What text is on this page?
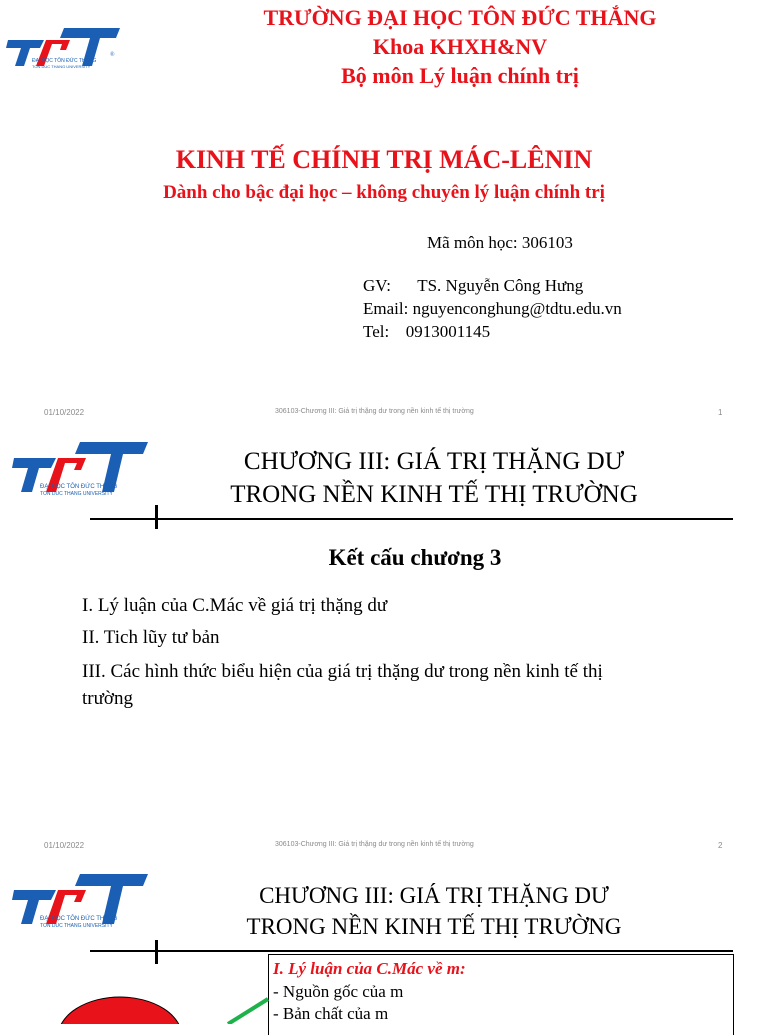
ĐẠI HỌC TÔN ĐỨC THẮNG
TON DUC THANG UNIVERSITY
®
TRƯỜNG ĐẠI HỌC TÔN ĐỨC THẮNG
Khoa KHXH&NV
Bộ môn Lý luận chính trị
KINH TẾ CHÍNH TRỊ MÁC-LÊNIN
Dành cho bậc đại học – không chuyên lý luận chính trị
Mã môn học: 306103
GV: TS. Nguyễn Công Hưng
Email: nguyenconghung@tdtu.edu.vn
Tel: 0913001145
01/10/2022	306103-Chương III: Giá trị thặng dư trong nền kinh tế thị trường	1
ĐẠI HỌC TÔN ĐỨC THẮNG
TON DUC THANG UNIVERSITY
CHƯƠNG III: GIÁ TRỊ THẶNG DƯ
TRONG NỀN KINH TẾ THỊ TRƯỜNG
Kết cấu chương 3
I. Lý luận của C.Mác về giá trị thặng dư
II. Tich lũy tư bản
III. Các hình thức biểu hiện của giá trị thặng dư trong nền kinh tế thị
trường
01/10/2022	306103-Chương III: Giá trị thặng dư trong nền kinh tế thị trường	2
ĐẠI HỌC TÔN ĐỨC THẮNG
TON DUC THANG UNIVERSITY
CHƯƠNG III: GIÁ TRỊ THẶNG DƯ
TRONG NỀN KINH TẾ THỊ TRƯỜNG
I. Lý luận của C.Mác về m:
- Nguồn gốc của m
- Bản chất của m
